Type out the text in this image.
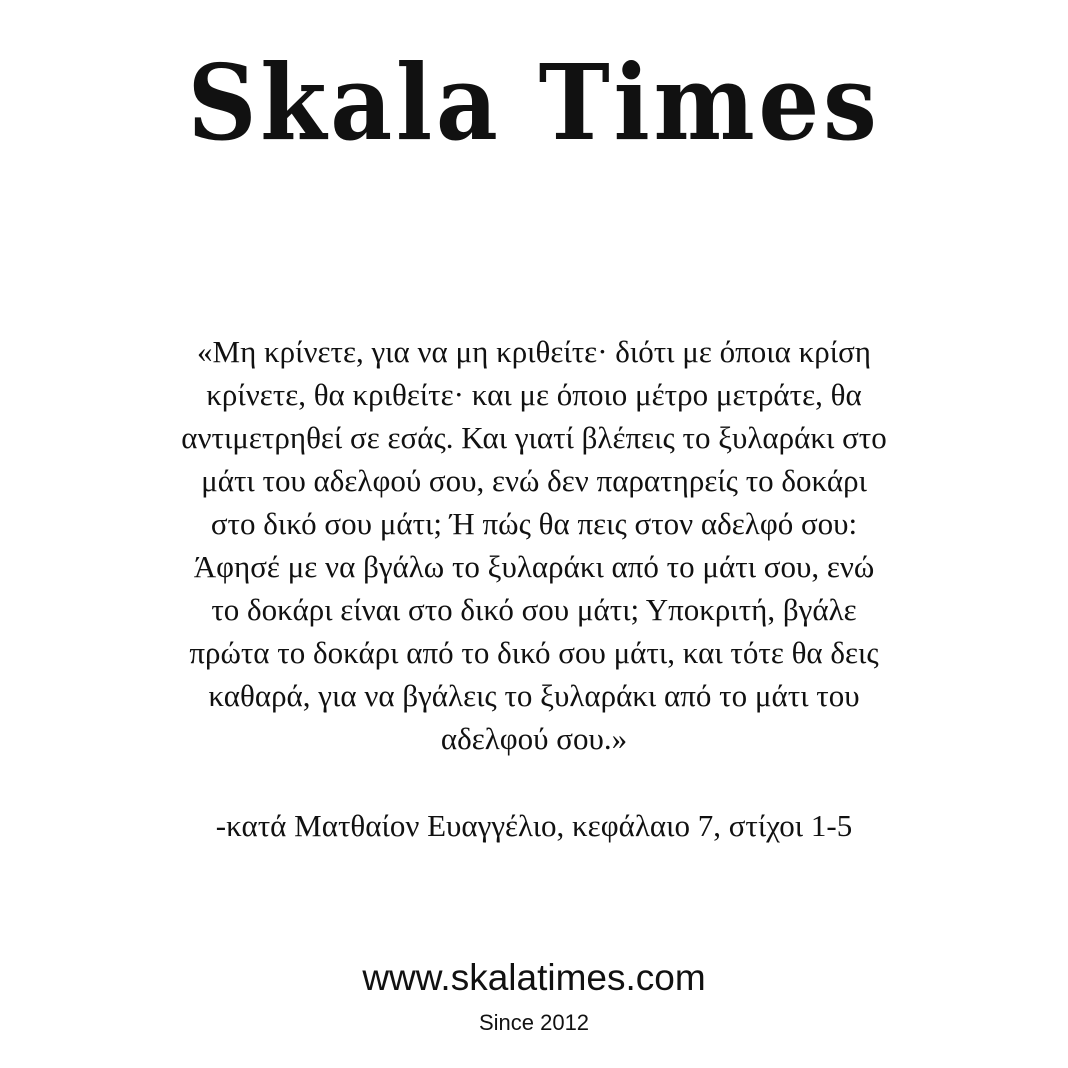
Skala Times
«Μη κρίνετε, για να μη κριθείτε· διότι με όποια κρίση
κρίνετε, θα κριθείτε· και με όποιο μέτρο μετράτε, θα
αντιμετρηθεί σε εσάς. Και γιατί βλέπεις το ξυλαράκι στο
μάτι του αδελφού σου, ενώ δεν παρατηρείς το δοκάρι
στο δικό σου μάτι; Ή πώς θα πεις στον αδελφό σου:
Άφησέ με να βγάλω το ξυλαράκι από το μάτι σου, ενώ
το δοκάρι είναι στο δικό σου μάτι; Υποκριτή, βγάλε
πρώτα το δοκάρι από το δικό σου μάτι, και τότε θα δεις
καθαρά, για να βγάλεις το ξυλαράκι από το μάτι του
αδελφού σου.»
-κατά Ματθαίον Ευαγγέλιο, κεφάλαιο 7, στίχοι 1-5
www.skalatimes.com
Since 2012
